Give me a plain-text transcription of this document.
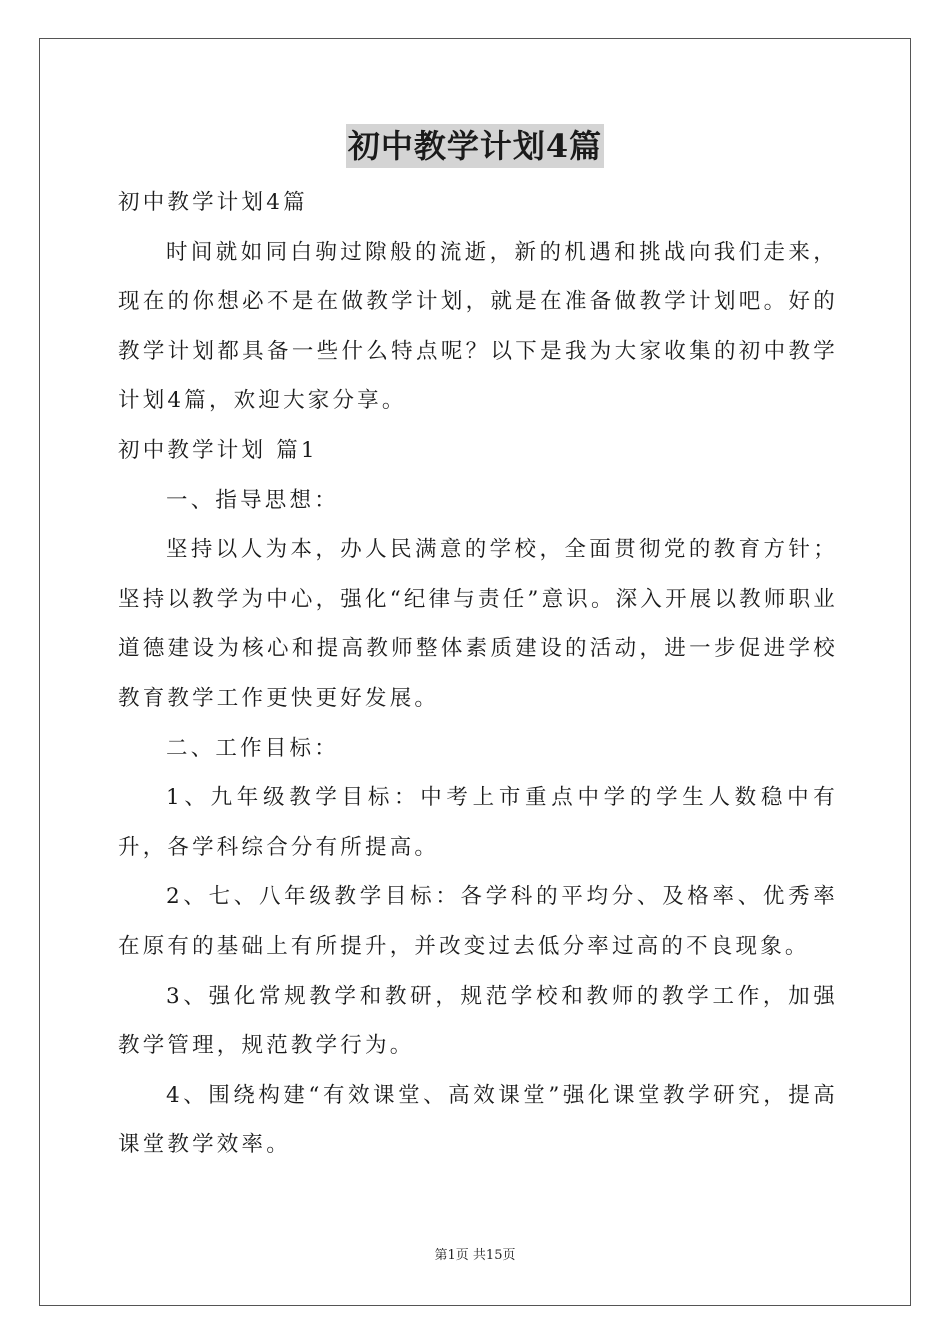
初中教学计划4篇

初中教学计划4篇

时间就如同白驹过隙般的流逝，新的机遇和挑战向我们走来，现在的你想必不是在做教学计划，就是在准备做教学计划吧。好的教学计划都具备一些什么特点呢？以下是我为大家收集的初中教学计划4篇，欢迎大家分享。

初中教学计划 篇1

一、指导思想：

坚持以人为本，办人民满意的学校，全面贯彻党的教育方针；坚持以教学为中心，强化“纪律与责任”意识。深入开展以教师职业道德建设为核心和提高教师整体素质建设的活动，进一步促进学校教育教学工作更快更好发展。

二、工作目标：

1、九年级教学目标：中考上市重点中学的学生人数稳中有升，各学科综合分有所提高。

2、七、八年级教学目标：各学科的平均分、及格率、优秀率在原有的基础上有所提升，并改变过去低分率过高的不良现象。

3、强化常规教学和教研，规范学校和教师的教学工作，加强教学管理，规范教学行为。

4、围绕构建“有效课堂、高效课堂”强化课堂教学研究，提高课堂教学效率。

第1页 共15页
